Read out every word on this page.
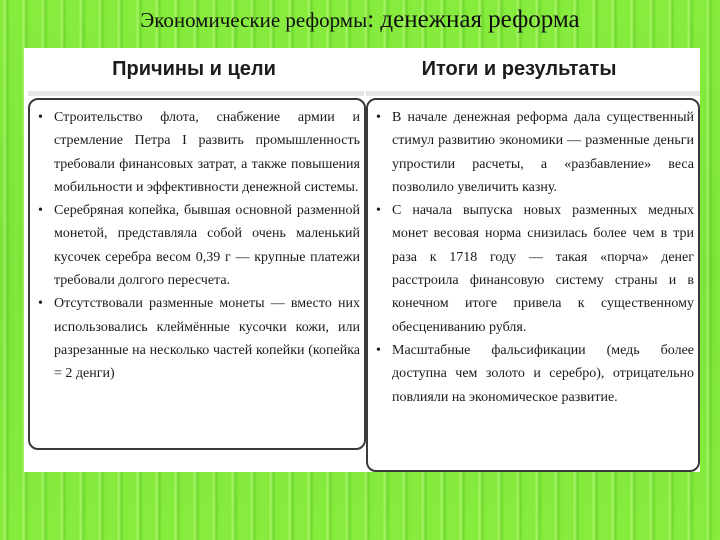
Экономические реформы: денежная реформа
Причины и цели	Итоги и результаты
• Строительство флота, снабжение армии и стремление Петра I развить промышленность требовали финансовых затрат, а также повышения мобильности и эффективности денежной системы.
• Серебряная копейка, бывшая основной разменной монетой, представляла собой очень маленький кусочек серебра весом 0,39 г — крупные платежи требовали долгого пересчета.
• Отсутствовали разменные монеты — вместо них использовались клеймённые кусочки кожи, или разрезанные на несколько частей копейки (копейка = 2 денги)
• В начале денежная реформа дала существенный стимул развитию экономики — разменные деньги упростили расчеты, а «разбавление» веса позволило увеличить казну.
• С начала выпуска новых разменных медных монет весовая норма снизилась более чем в три раза к 1718 году — такая «порча» денег расстроила финансовую систему страны и в конечном итоге привела к существенному обесцениванию рубля.
• Масштабные фальсификации (медь более доступна чем золото и серебро), отрицательно повлияли на экономическое развитие.
